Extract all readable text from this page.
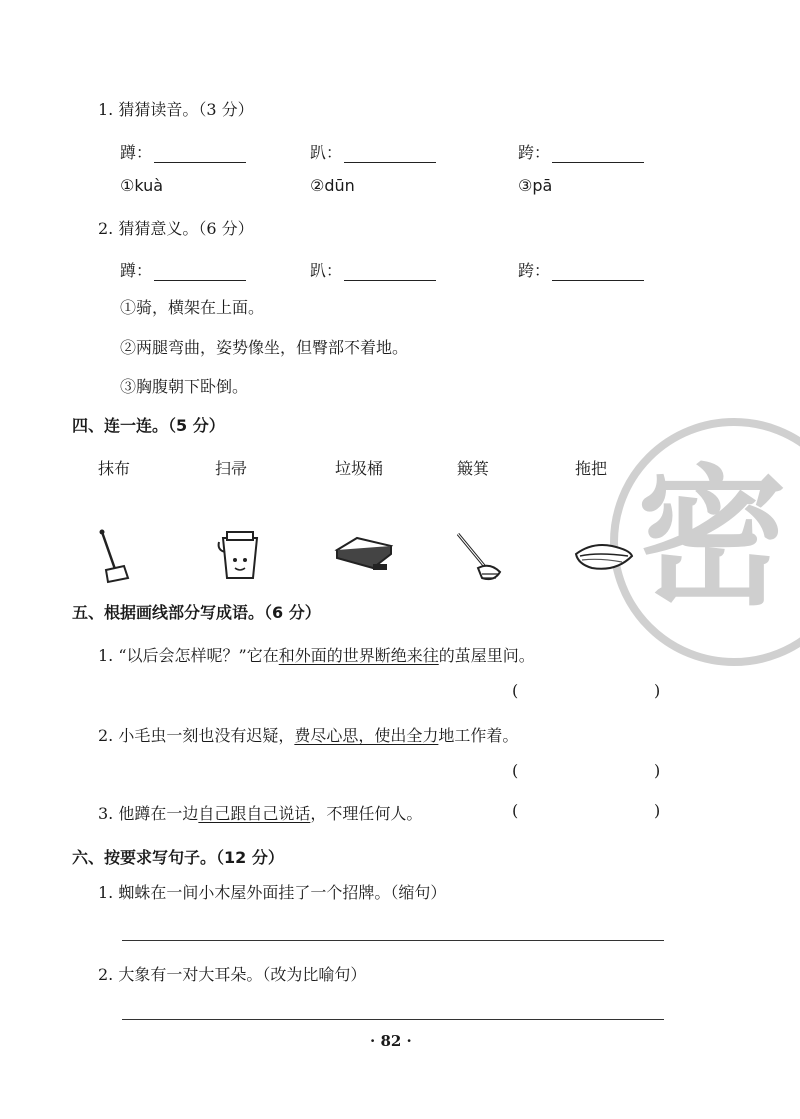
1. 猜猜读音。（3 分）
蹲：	趴：	跨：
①kuà	②dūn	③pā
2. 猜猜意义。（6 分）
蹲：	趴：	跨：
①骑，横架在上面。
②两腿弯曲，姿势像坐，但臀部不着地。
③胸腹朝下卧倒。
密
四、连一连。（5 分）
抹布	扫帚	垃圾桶	簸箕	拖把
五、根据画线部分写成语。（6 分）
1. “以后会怎样呢？”它在和外面的世界断绝来往的茧屋里问。
(	)
2. 小毛虫一刻也没有迟疑，费尽心思，使出全力地工作着。
(	)
3. 他蹲在一边自己跟自己说话，不理任何人。	(	)
六、按要求写句子。（12 分）
1. 蜘蛛在一间小木屋外面挂了一个招牌。（缩句）
2. 大象有一对大耳朵。（改为比喻句）
· 82 ·
